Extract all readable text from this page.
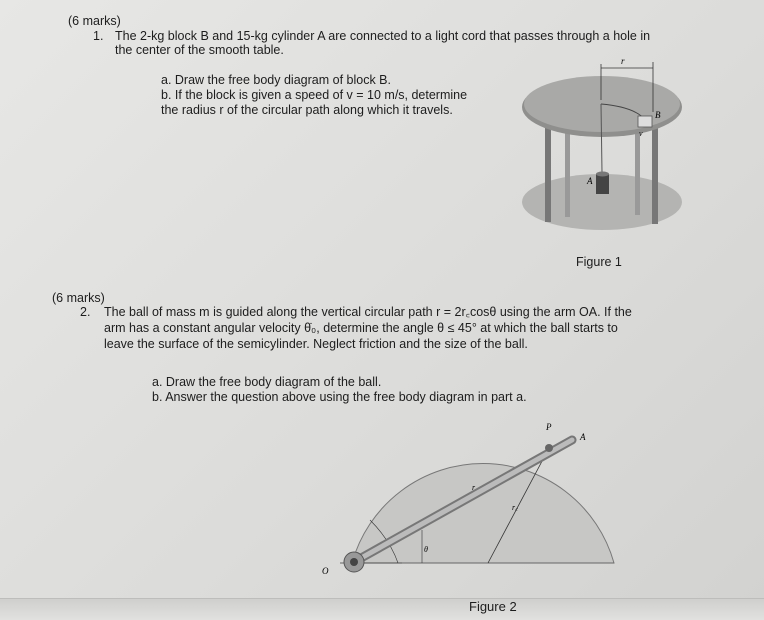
(6 marks)
1. The 2-kg block B and 15-kg cylinder A are connected to a light cord that passes through a hole in
the center of the smooth table.
a. Draw the free body diagram of block B.
b. If the block is given a speed of v = 10 m/s, determine
the radius r of the circular path along which it travels.
r
B
A
v
Figure 1
(6 marks)
2. The ball of mass m is guided along the vertical circular path r = 2r꜀cosθ using the arm OA. If the
arm has a constant angular velocity θ̇₀, determine the angle θ ≤ 45° at which the ball starts to
leave the surface of the semicylinder. Neglect friction and the size of the ball.
a. Draw the free body diagram of the ball.
b. Answer the question above using the free body diagram in part a.
P
A
O
r
r꜀
θ
Figure 2
